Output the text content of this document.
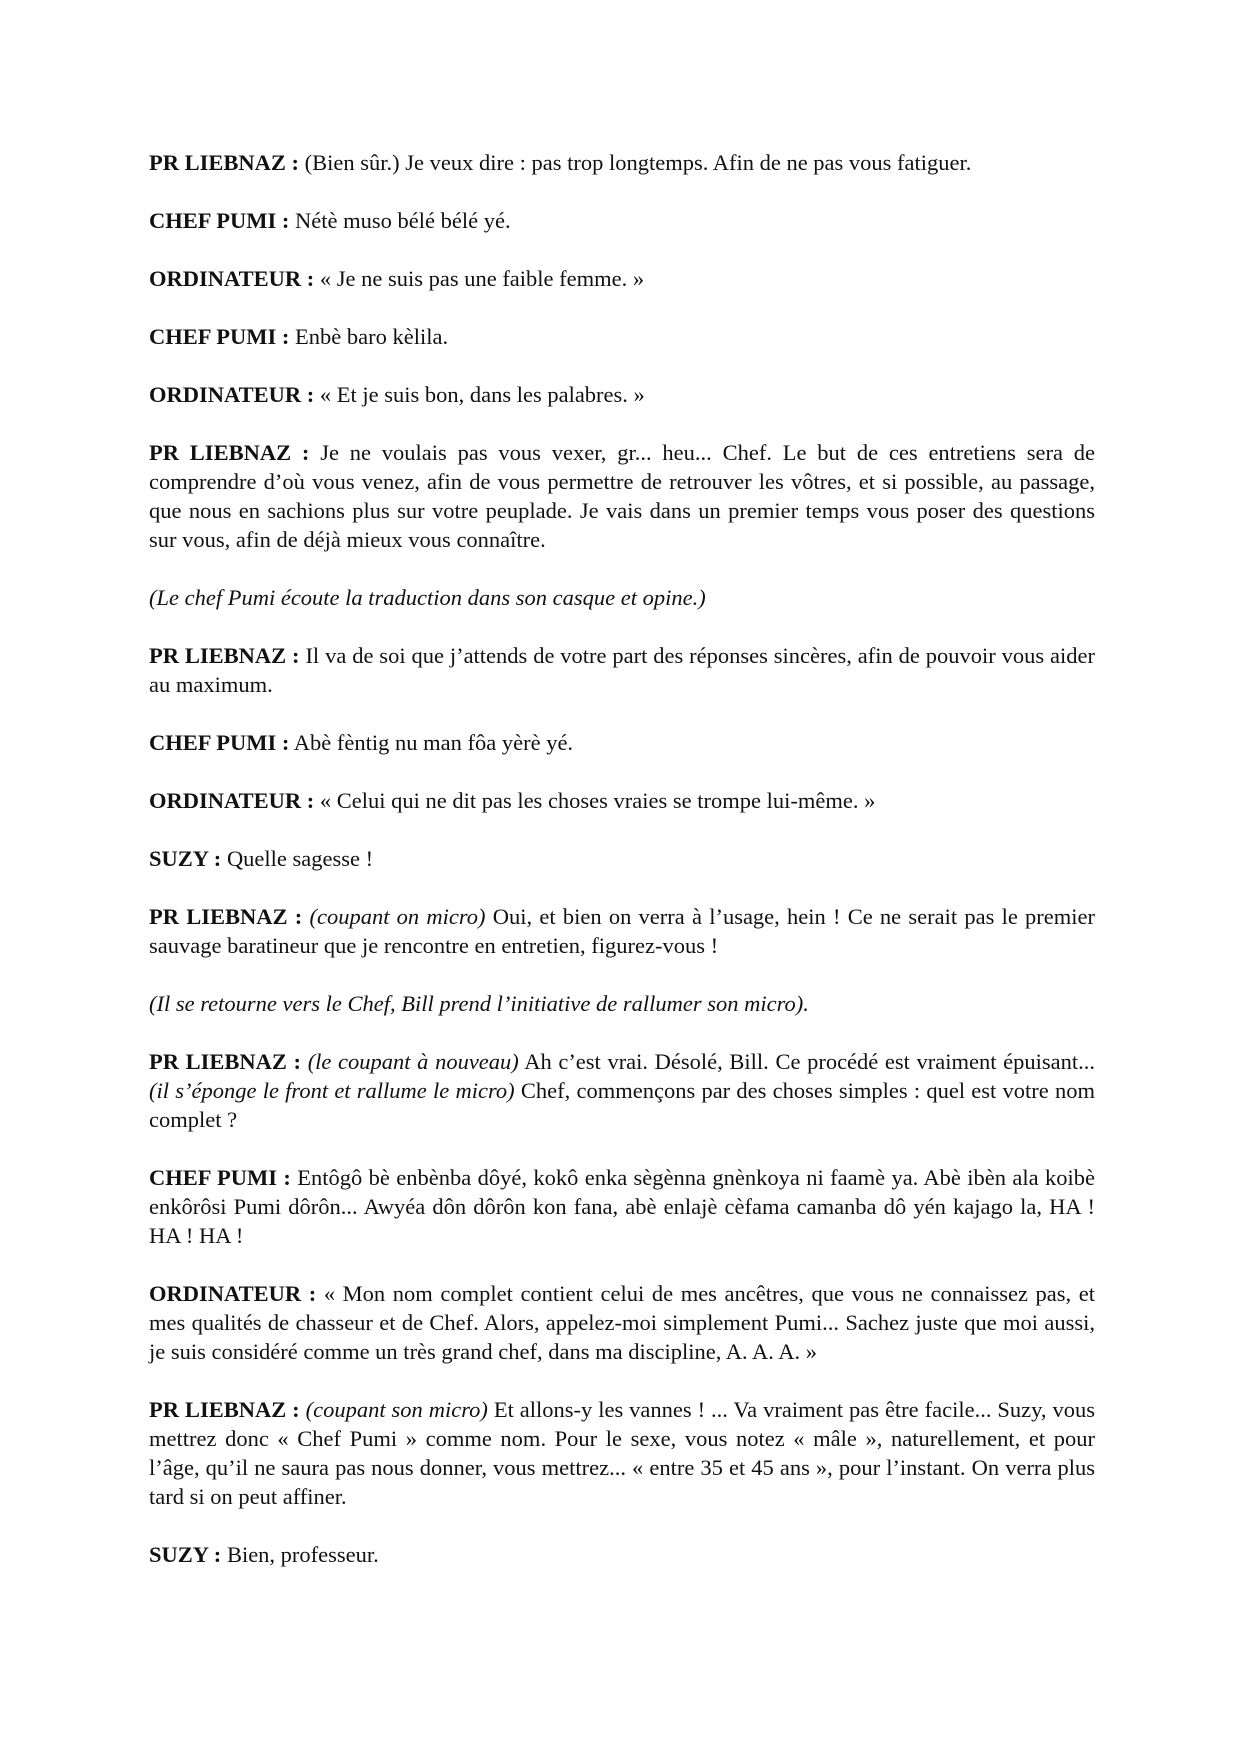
PR LIEBNAZ : (Bien sûr.) Je veux dire : pas trop longtemps. Afin de ne pas vous fatiguer.

CHEF PUMI : Nétè muso bélé bélé yé.

ORDINATEUR : « Je ne suis pas une faible femme. »

CHEF PUMI : Enbè baro kèlila.

ORDINATEUR : « Et je suis bon, dans les palabres. »

PR LIEBNAZ : Je ne voulais pas vous vexer, gr... heu... Chef. Le but de ces entretiens sera de comprendre d’où vous venez, afin de vous permettre de retrouver les vôtres, et si possible, au passage, que nous en sachions plus sur votre peuplade. Je vais dans un premier temps vous poser des questions sur vous, afin de déjà mieux vous connaître.

(Le chef Pumi écoute la traduction dans son casque et opine.)

PR LIEBNAZ : Il va de soi que j’attends de votre part des réponses sincères, afin de pouvoir vous aider au maximum.

CHEF PUMI : Abè fèntig nu man fôa yèrè yé.

ORDINATEUR : « Celui qui ne dit pas les choses vraies se trompe lui-même. »

SUZY : Quelle sagesse !

PR LIEBNAZ : (coupant on micro) Oui, et bien on verra à l’usage, hein ! Ce ne serait pas le premier sauvage baratineur que je rencontre en entretien, figurez-vous !

(Il se retourne vers le Chef, Bill prend l’initiative de rallumer son micro).

PR LIEBNAZ : (le coupant à nouveau) Ah c’est vrai. Désolé, Bill. Ce procédé est vraiment épuisant... (il s’éponge le front et rallume le micro) Chef, commençons par des choses simples : quel est votre nom complet ?

CHEF PUMI : Entôgô bè enbènba dôyé, kokô enka sègènna gnènkoya ni faamè ya. Abè ibèn ala koibè enkôrôsi Pumi dôrôn... Awyéa dôn dôrôn kon fana, abè enlajè cèfama camanba dô yén kajago la, HA ! HA ! HA !

ORDINATEUR : « Mon nom complet contient celui de mes ancêtres, que vous ne connaissez pas, et mes qualités de chasseur et de Chef. Alors, appelez-moi simplement Pumi... Sachez juste que moi aussi, je suis considéré comme un très grand chef, dans ma discipline, A. A. A. »

PR LIEBNAZ : (coupant son micro) Et allons-y les vannes ! ... Va vraiment pas être facile... Suzy, vous mettrez donc « Chef Pumi » comme nom. Pour le sexe, vous notez « mâle », naturellement, et pour l’âge, qu’il ne saura pas nous donner, vous mettrez... « entre 35 et 45 ans », pour l’instant. On verra plus tard si on peut affiner.

SUZY : Bien, professeur.
